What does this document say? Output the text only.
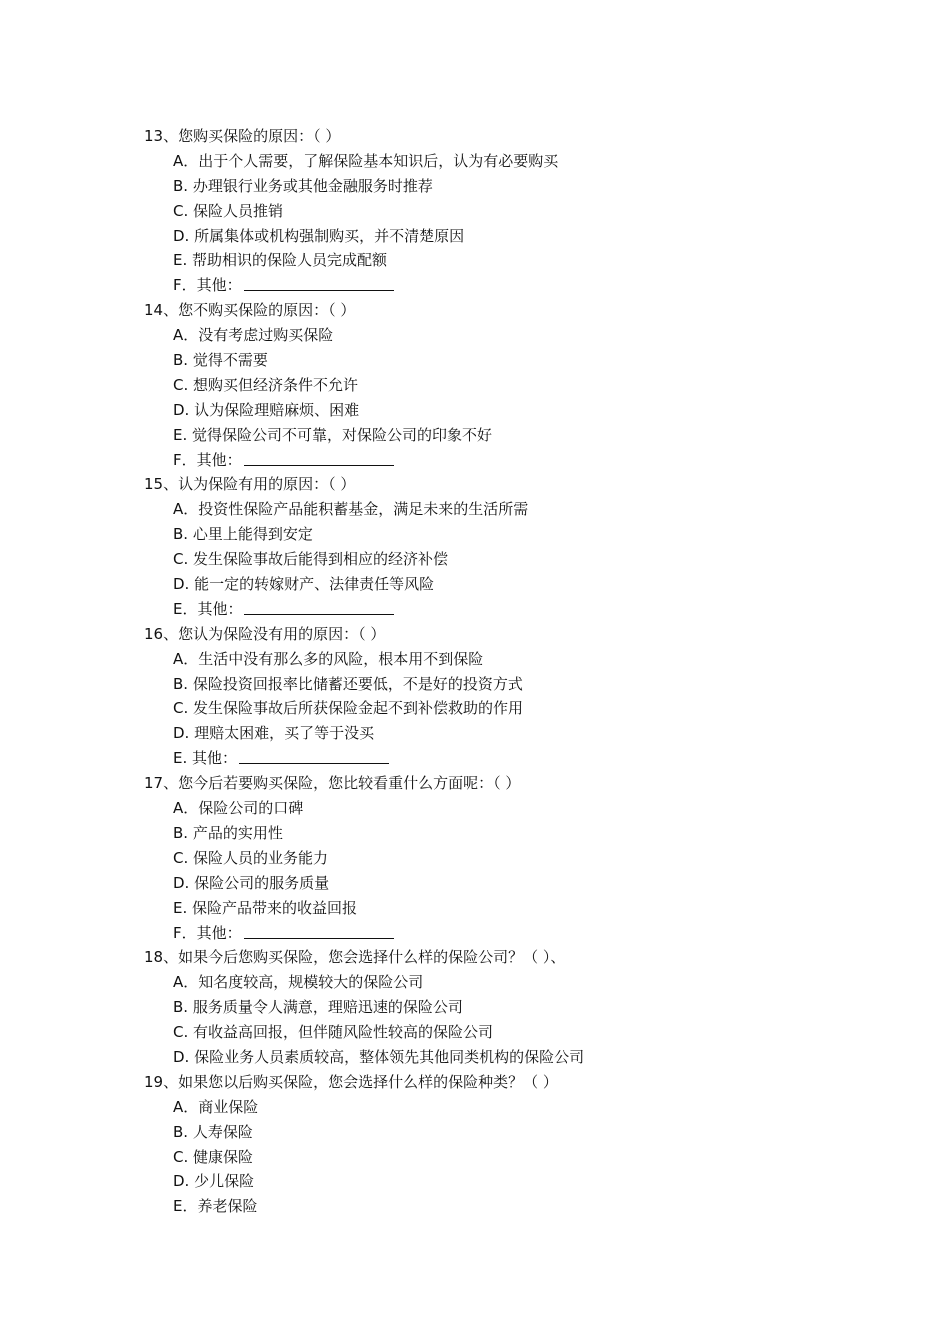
13、您购买保险的原因：（ ）
A．出于个人需要，了解保险基本知识后，认为有必要购买
B. 办理银行业务或其他金融服务时推荐
C. 保险人员推销
D. 所属集体或机构强制购买，并不清楚原因
E. 帮助相识的保险人员完成配额
F．其他：
14、您不购买保险的原因：（ ）
A．没有考虑过购买保险
B. 觉得不需要
C. 想购买但经济条件不允许
D. 认为保险理赔麻烦、困难
E. 觉得保险公司不可靠，对保险公司的印象不好
F．其他：
15、认为保险有用的原因：（ ）
A．投资性保险产品能积蓄基金，满足未来的生活所需
B. 心里上能得到安定
C. 发生保险事故后能得到相应的经济补偿
D. 能一定的转嫁财产、法律责任等风险
E．其他：
16、您认为保险没有用的原因：（ ）
A．生活中没有那么多的风险，根本用不到保险
B. 保险投资回报率比储蓄还要低，不是好的投资方式
C. 发生保险事故后所获保险金起不到补偿救助的作用
D. 理赔太困难，买了等于没买
E. 其他：
17、您今后若要购买保险，您比较看重什么方面呢：（ ）
A．保险公司的口碑
B. 产品的实用性
C. 保险人员的业务能力
D. 保险公司的服务质量
E. 保险产品带来的收益回报
F．其他：
18、如果今后您购买保险，您会选择什么样的保险公司？（ ）、
A．知名度较高，规模较大的保险公司
B. 服务质量令人满意，理赔迅速的保险公司
C. 有收益高回报，但伴随风险性较高的保险公司
D. 保险业务人员素质较高，整体领先其他同类机构的保险公司
19、如果您以后购买保险，您会选择什么样的保险种类？（ ）
A．商业保险
B. 人寿保险
C. 健康保险
D. 少儿保险
E．养老保险
